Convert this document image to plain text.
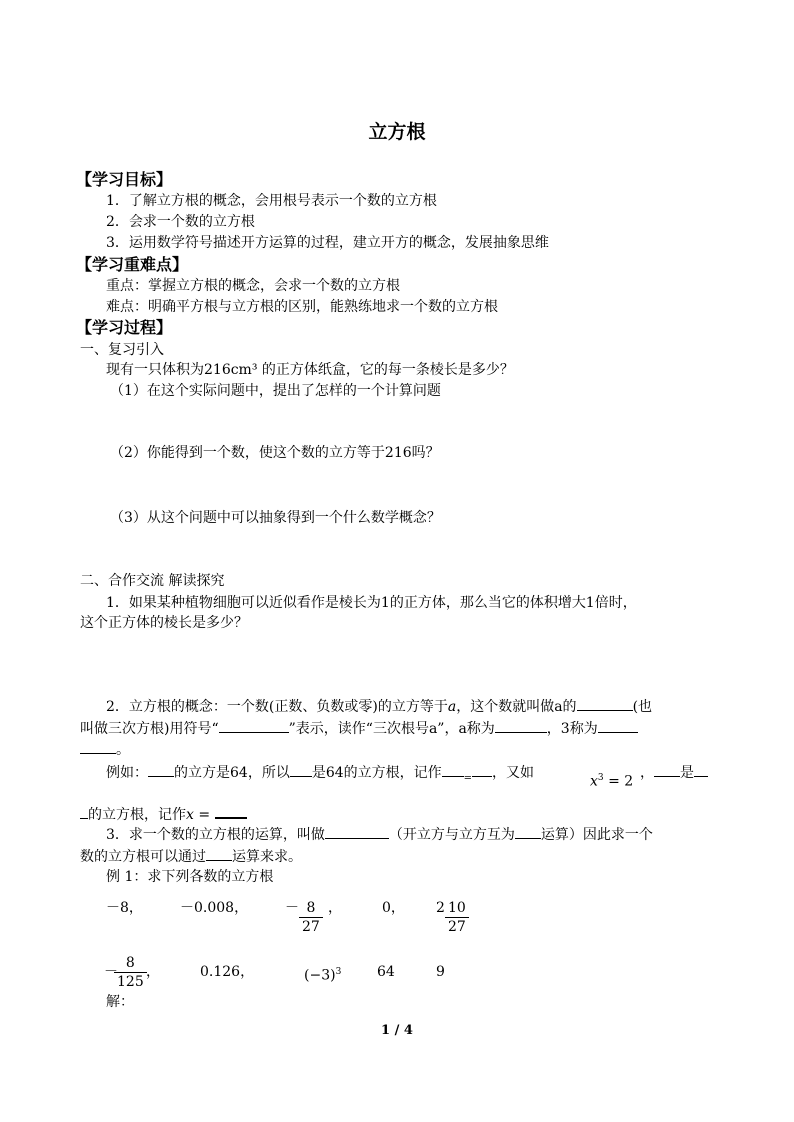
立方根
【学习目标】
1．了解立方根的概念，会用根号表示一个数的立方根
2．会求一个数的立方根
3．运用数学符号描述开方运算的过程，建立开方的概念，发展抽象思维
【学习重难点】
重点：掌握立方根的概念，会求一个数的立方根
难点：明确平方根与立方根的区别，能熟练地求一个数的立方根
【学习过程】
一、复习引入
现有一只体积为216cm³ 的正方体纸盒，它的每一条棱长是多少？
（1）在这个实际问题中，提出了怎样的一个计算问题
（2）你能得到一个数，使这个数的立方等于216吗？
（3）从这个问题中可以抽象得到一个什么数学概念？
二、合作交流 解读探究
1．如果某种植物细胞可以近似看作是棱长为1的正方体，那么当它的体积增大1倍时，
这个正方体的棱长是多少？
2．立方根的概念：一个数(正数、负数或零)的立方等于a，这个数就叫做a的	(也
叫做三次方根)用符号“	”表示，读作“三次根号a”，a称为	，3称为
。
例如： 的立方是64，所以 是64的立方根，记作 $_=$ ，又如
$x^3 = 2$
， 是
的立方根，记作x =
3．求一个数的立方根的运算，叫做	（开立方与立方互为 运算）因此求一个
数的立方根可以通过 运算来求。
例 1：求下列各数的立方根
－8，	－0.008，	－ $\frac{8}{27}$ ，	0， $2 \frac{10}{27}$
－
$\frac{8}{125}$ ，	0.126，	$(-3)^3$	64	9
解：
1 / 4
